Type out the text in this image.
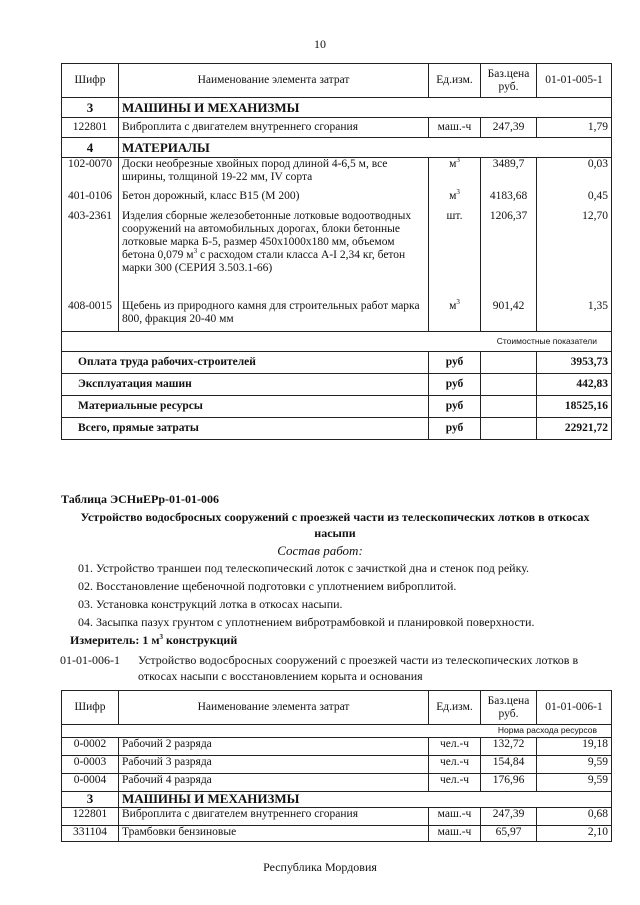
10
Шифр	Наименование элемента затрат	Ед.изм.	Баз.цена руб.	01-01-005-1
3	МАШИНЫ И МЕХАНИЗМЫ			
122801	Виброплита с двигателем внутреннего сгорания	маш.-ч	247,39	1,79
4	МАТЕРИАЛЫ			
102-0070	Доски необрезные хвойных пород длиной 4-6,5 м, все ширины, толщиной 19-22 мм, IV сорта	$м^3$	3489,7	0,03
401-0106	Бетон дорожный, класс В15 (М 200)	$м^3$	4183,68	0,45
403-2361	Изделия сборные железобетонные лотковые водоотводных сооружений на автомобильных дорогах, блоки бетонные лотковые марка Б-5, размер 450х1000х180 мм, объемом бетона 0,079 $м^3$ с расходом стали класса А-I 2,34 кг, бетон марки 300 (СЕРИЯ 3.503.1-66)	шт.	1206,37	12,70
408-0015	Щебень из природного камня для строительных работ марка 800, фракция 20-40 мм	$м^3$	901,42	1,35
Стоимостные показатели				
Оплата труда рабочих-строителей		руб		3953,73
Эксплуатация машин		руб		442,83
Материальные ресурсы		руб		18525,16
Всего, прямые затраты		руб		22921,72
Таблица ЭСНиЕРр-01-01-006
Устройство водосбросных сооружений с проезжей части из телескопических лотков в откосах насыпи
Состав работ:
01. Устройство траншеи под телескопический лоток с зачисткой дна и стенок под рейку.
02. Восстановление щебеночной подготовки с уплотнением виброплитой.
03. Установка конструкций лотка в откосах насыпи.
04. Засыпка пазух грунтом с уплотнением вибротрамбовкой и планировкой поверхности.
Измеритель: 1 $м^3$ конструкций
01-01-006-1 Устройство водосбросных сооружений с проезжей части из телескопических лотков в откосах насыпи с восстановлением корыта и основания
Шифр	Наименование элемента затрат	Ед.изм.	Баз.цена руб.	01-01-006-1
Норма расхода ресурсов				
0-0002	Рабочий 2 разряда	чел.-ч	132,72	19,18
0-0003	Рабочий 3 разряда	чел.-ч	154,84	9,59
0-0004	Рабочий 4 разряда	чел.-ч	176,96	9,59
3	МАШИНЫ И МЕХАНИЗМЫ			
122801	Виброплита с двигателем внутреннего сгорания	маш.-ч	247,39	0,68
331104	Трамбовки бензиновые	маш.-ч	65,97	2,10
Республика Мордовия
